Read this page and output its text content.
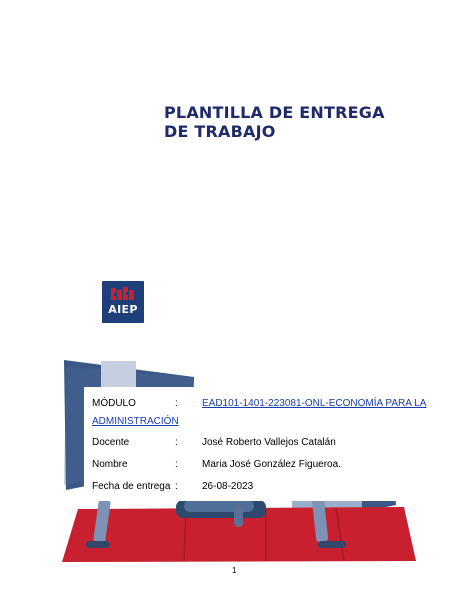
PLANTILLA DE ENTREGA DE TRABAJO
AIEP
MÓDULO	: EAD101-1401-223081-ONL-ECONOMÍA PARA LA
ADMINISTRACIÓN
Docente	: José Roberto Vallejos Catalán
Nombre	: Maria José González Figueroa.
Fecha de entrega : 26-08-2023
1
